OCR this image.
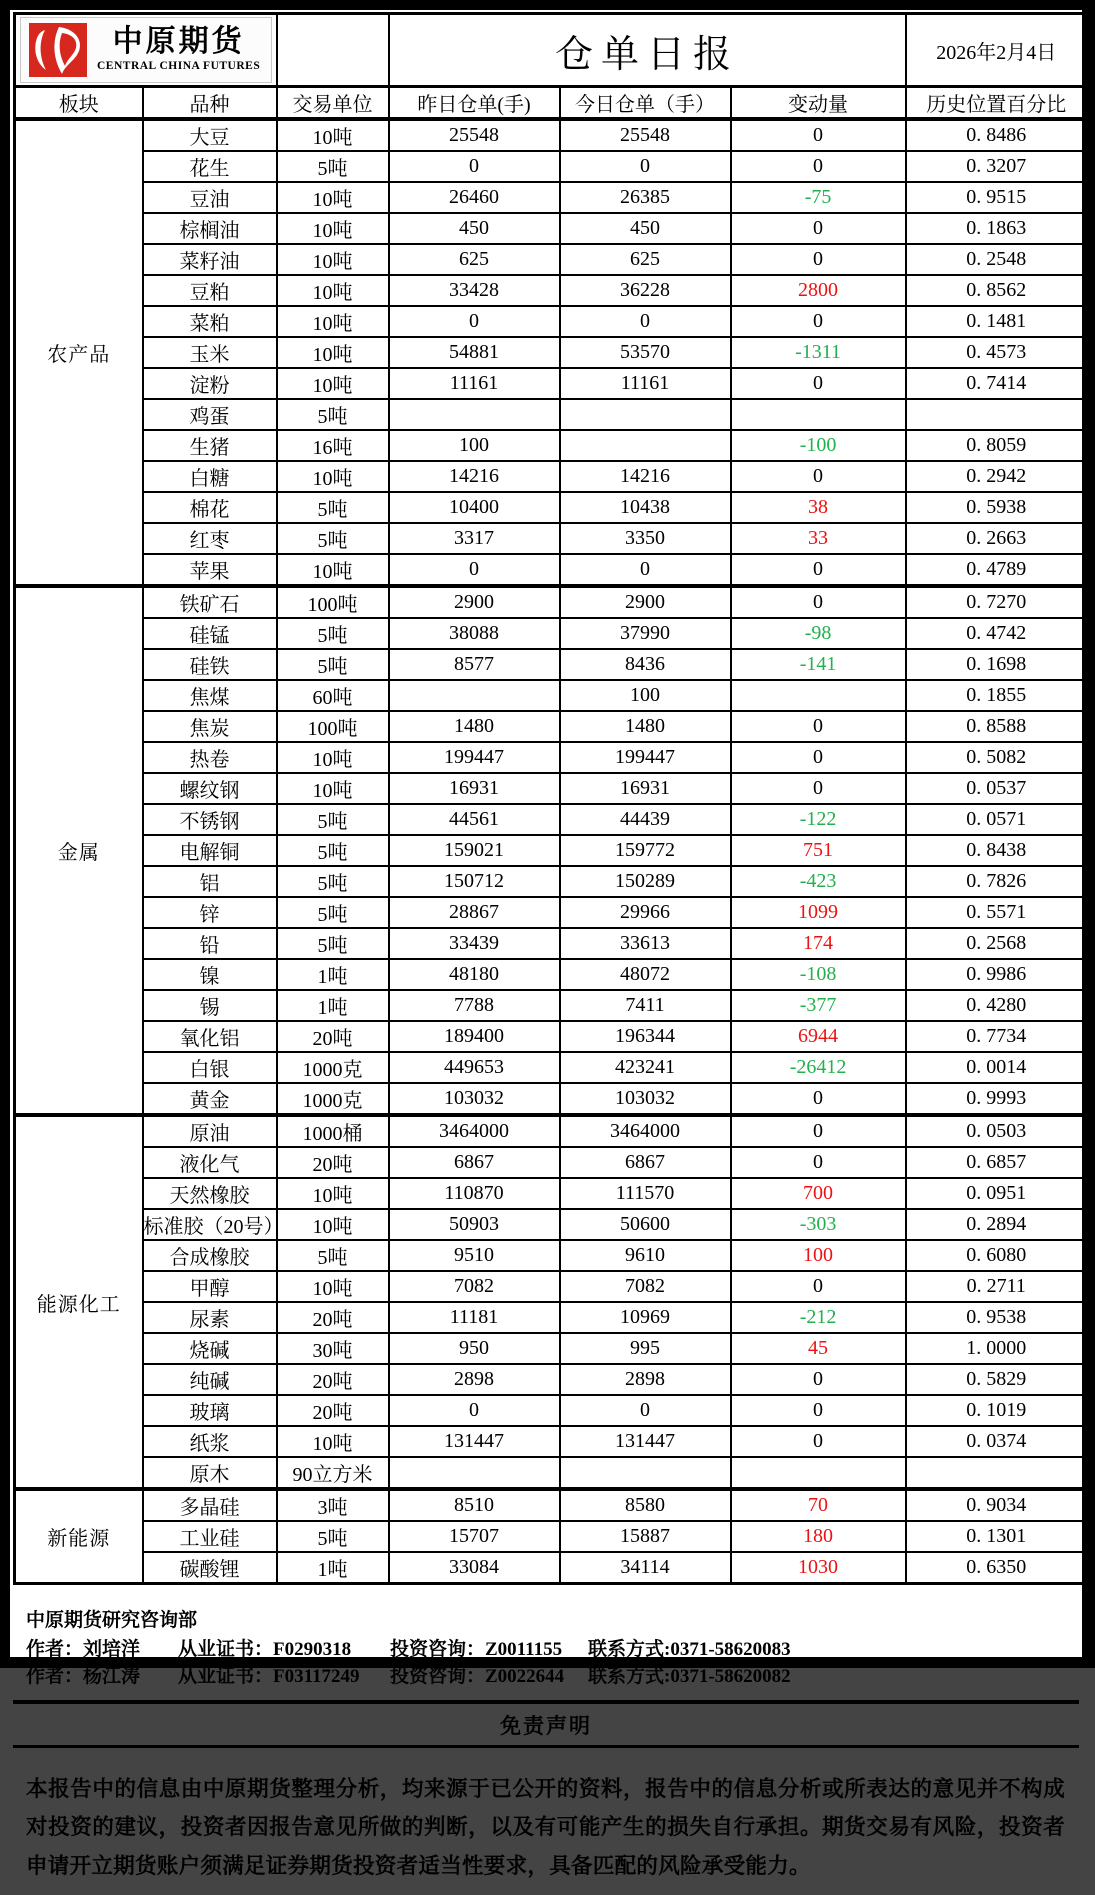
中原期货
CENTRAL CHINA FUTURES			仓单日报			2026年2月4日
板块	品种	交易单位	昨日仓单(手)	今日仓单（手）	变动量	历史位置百分比
农产品	大豆	10吨	25548	25548	0	0. 8486
	花生	5吨	0	0	0	0. 3207
	豆油	10吨	26460	26385	-75	0. 9515
	棕榈油	10吨	450	450	0	0. 1863
	菜籽油	10吨	625	625	0	0. 2548
	豆粕	10吨	33428	36228	2800	0. 8562
	菜粕	10吨	0	0	0	0. 1481
	玉米	10吨	54881	53570	-1311	0. 4573
	淀粉	10吨	11161	11161	0	0. 7414
	鸡蛋	5吨				
	生猪	16吨	100		-100	0. 8059
	白糖	10吨	14216	14216	0	0. 2942
	棉花	5吨	10400	10438	38	0. 5938
	红枣	5吨	3317	3350	33	0. 2663
	苹果	10吨	0	0	0	0. 4789
金属	铁矿石	100吨	2900	2900	0	0. 7270
	硅锰	5吨	38088	37990	-98	0. 4742
	硅铁	5吨	8577	8436	-141	0. 1698
	焦煤	60吨		100		0. 1855
	焦炭	100吨	1480	1480	0	0. 8588
	热卷	10吨	199447	199447	0	0. 5082
	螺纹钢	10吨	16931	16931	0	0. 0537
	不锈钢	5吨	44561	44439	-122	0. 0571
	电解铜	5吨	159021	159772	751	0. 8438
	铝	5吨	150712	150289	-423	0. 7826
	锌	5吨	28867	29966	1099	0. 5571
	铅	5吨	33439	33613	174	0. 2568
	镍	1吨	48180	48072	-108	0. 9986
	锡	1吨	7788	7411	-377	0. 4280
	氧化铝	20吨	189400	196344	6944	0. 7734
	白银	1000克	449653	423241	-26412	0. 0014
	黄金	1000克	103032	103032	0	0. 9993
能源化工	原油	1000桶	3464000	3464000	0	0. 0503
	液化气	20吨	6867	6867	0	0. 6857
	天然橡胶	10吨	110870	111570	700	0. 0951
	标准胶（20号）	10吨	50903	50600	-303	0. 2894
	合成橡胶	5吨	9510	9610	100	0. 6080
	甲醇	10吨	7082	7082	0	0. 2711
	尿素	20吨	11181	10969	-212	0. 9538
	烧碱	30吨	950	995	45	1. 0000
	纯碱	20吨	2898	2898	0	0. 5829
	玻璃	20吨	0	0	0	0. 1019
	纸浆	10吨	131447	131447	0	0. 0374
	原木	90立方米				
新能源	多晶硅	3吨	8510	8580	70	0. 9034
	工业硅	5吨	15707	15887	180	0. 1301
	碳酸锂	1吨	33084	34114	1030	0. 6350
中原期货研究咨询部
作者：刘培洋	从业证书：F0290318	投资咨询：Z0011155	联系方式:0371-58620083
作者：杨江涛	从业证书：F03117249	投资咨询：Z0022644	联系方式:0371-58620082
免责声明
本报告中的信息由中原期货整理分析，均来源于已公开的资料，报告中的信息分析或所表达的意见并不构成对投资的建议，投资者因报告意见所做的判断，以及有可能产生的损失自行承担。期货交易有风险，投资者申请开立期货账户须满足证券期货投资者适当性要求，具备匹配的风险承受能力。
